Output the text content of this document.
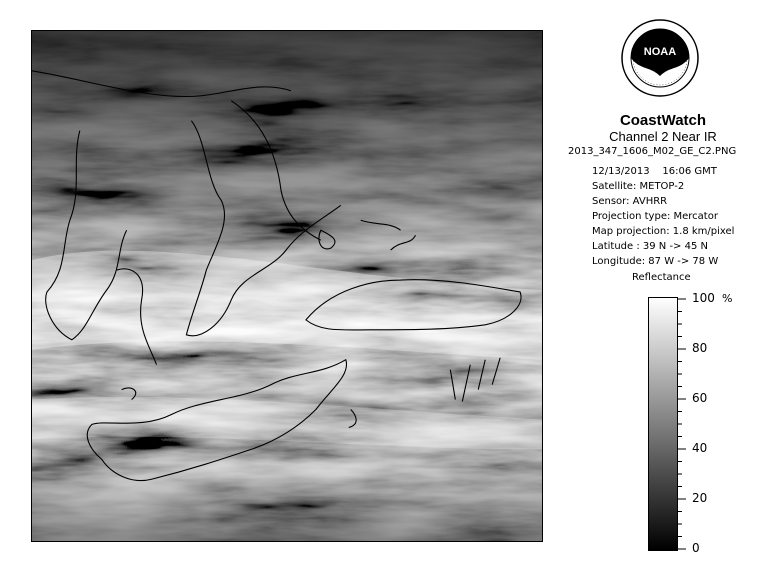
NOAA
CoastWatch
Channel 2 Near IR
2013_347_1606_M02_GE_C2.PNG
12/13/2013 16:06 GMT
Satellite: METOP-2
Sensor: AVHRR
Projection type: Mercator
Map projection: 1.8 km/pixel
Latitude : 39 N -> 45 N
Longitude: 87 W -> 78 W
Reflectance
%
100
80
60
40
20
0
